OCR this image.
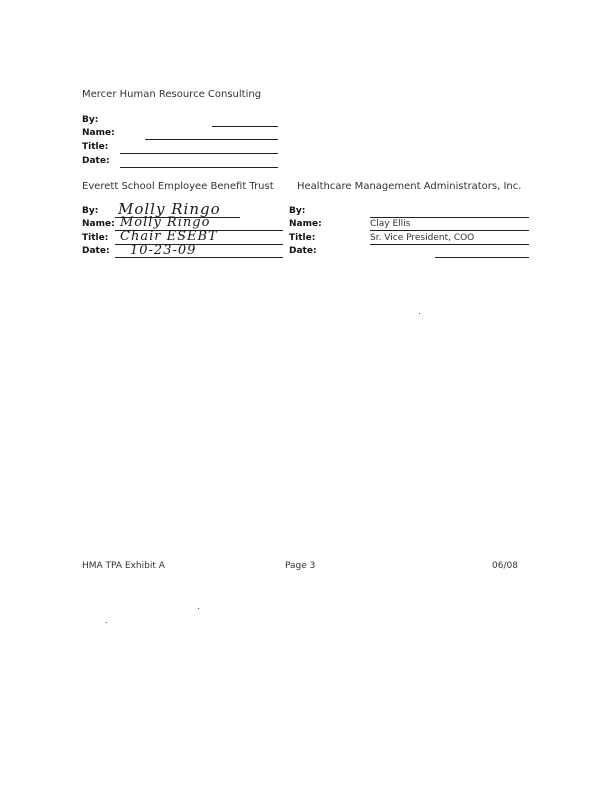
Mercer Human Resource Consulting
By:
Name:
Title:
Date:
Everett School Employee Benefit Trust
By: Molly Ringo
Name: Molly Ringo
Title: Chair ESEBT
Date: 10-23-09
Healthcare Management Administrators, Inc.
By:
Name:	Clay Ellis
Title:	Sr. Vice President, COO
Date:
HMA TPA Exhibit A	Page 3	06/08
